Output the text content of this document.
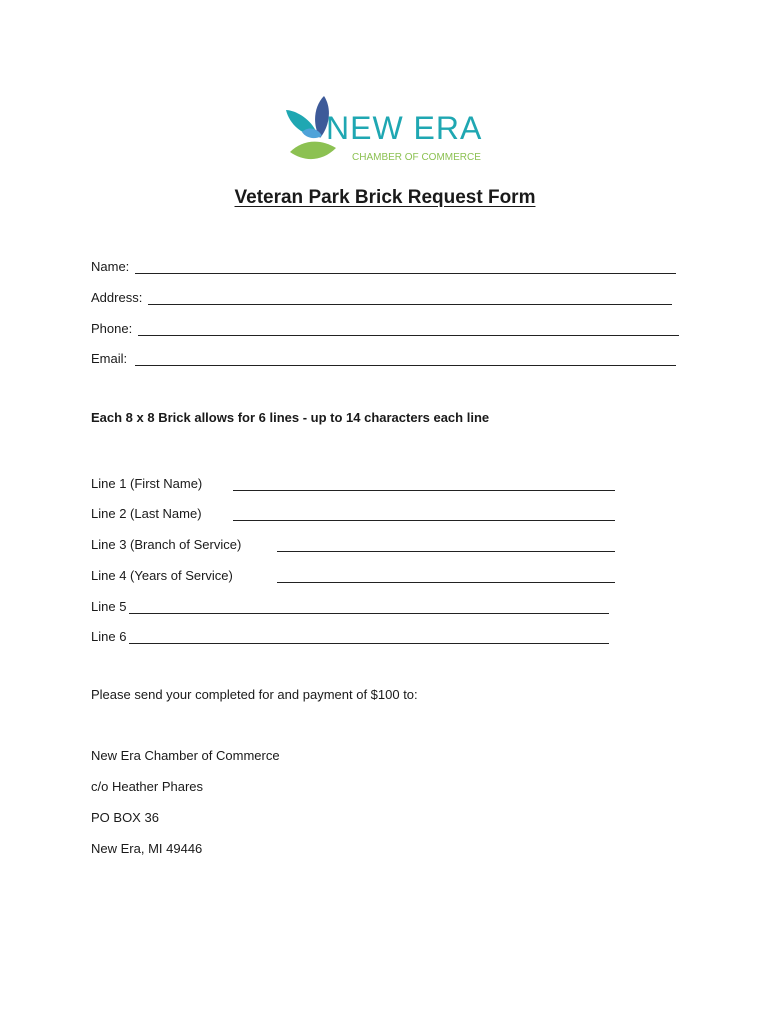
NEW ERA
CHAMBER OF COMMERCE
Veteran Park Brick Request Form
Name:
Address:
Phone:
Email:
Each 8 x 8 Brick allows for 6 lines - up to 14 characters each line
Line 1 (First Name)
Line 2 (Last Name)
Line 3 (Branch of Service)
Line 4 (Years of Service)
Line 5
Line 6
Please send your completed for and payment of $100 to:
New Era Chamber of Commerce
c/o Heather Phares
PO BOX 36
New Era, MI 49446
